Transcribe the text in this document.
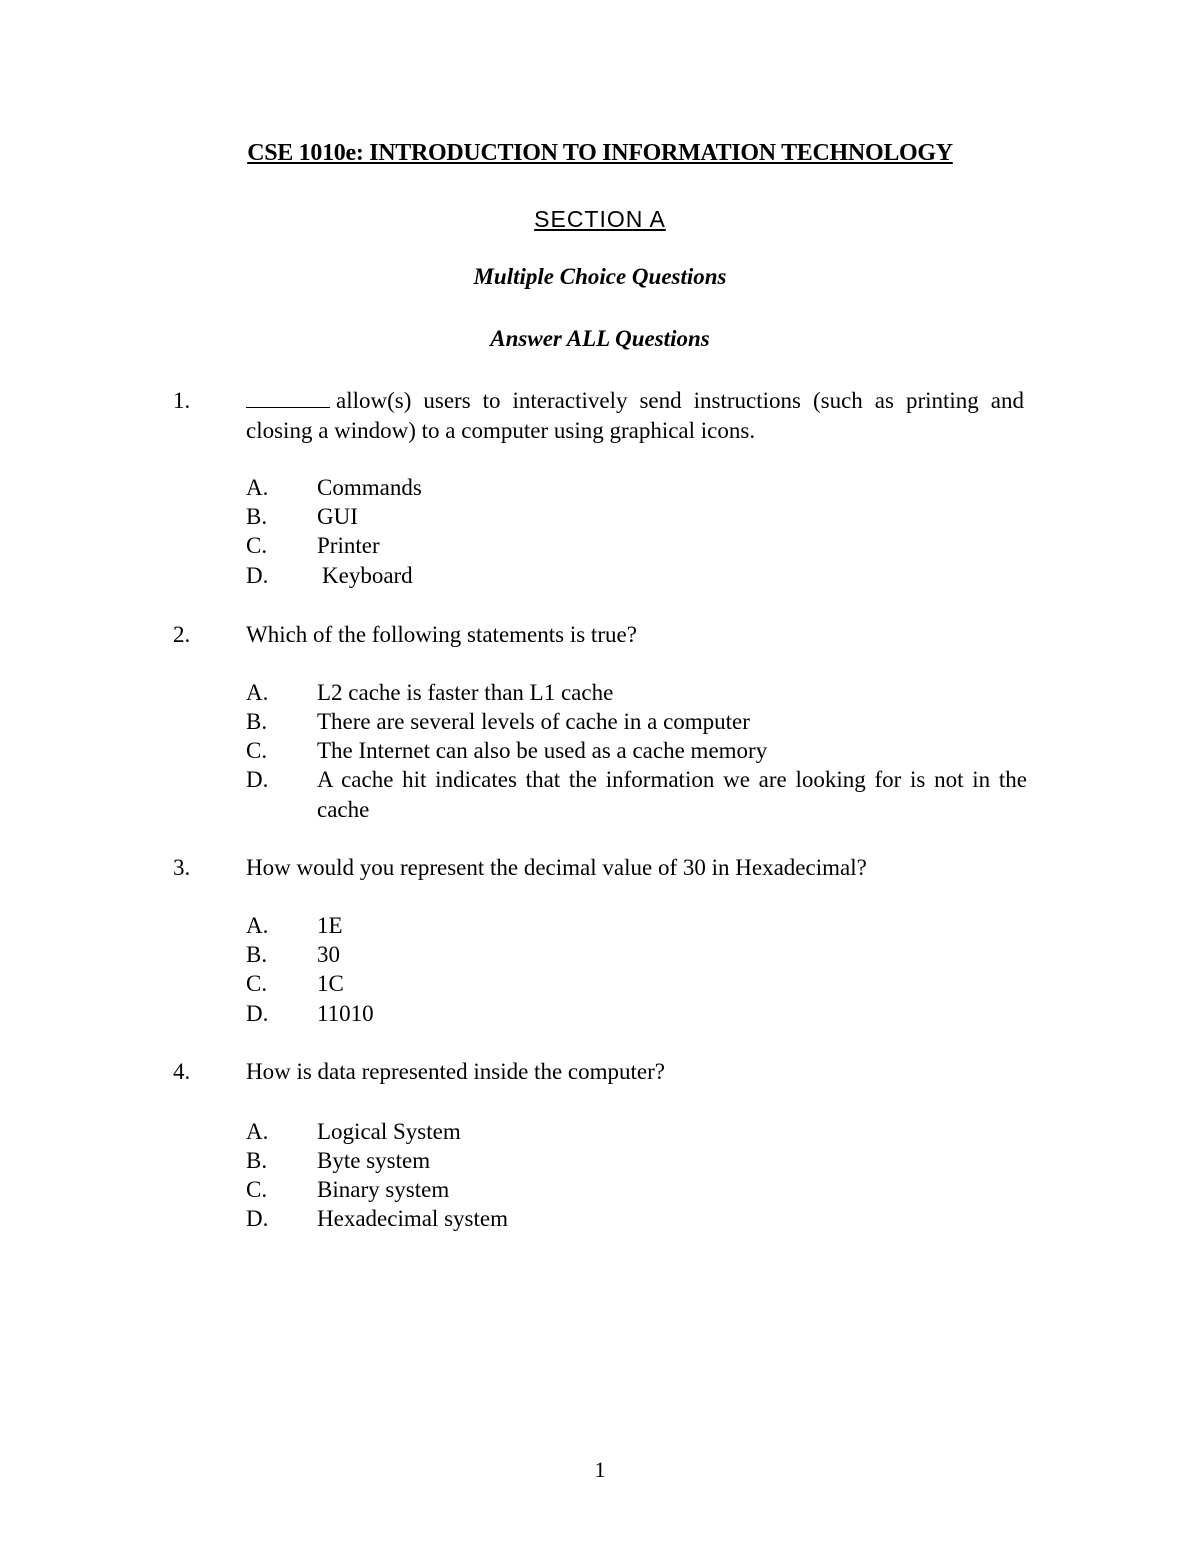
CSE 1010e: INTRODUCTION TO INFORMATION TECHNOLOGY
SECTION A
Multiple Choice Questions
Answer ALL Questions
1.	allow(s) users to interactively send instructions (such as printing and closing a window) to a computer using graphical icons.
A. Commands
B. GUI
C. Printer
D. Keyboard
2. Which of the following statements is true?
A. L2 cache is faster than L1 cache
B. There are several levels of cache in a computer
C. The Internet can also be used as a cache memory
D. A cache hit indicates that the information we are looking for is not in the cache
3. How would you represent the decimal value of 30 in Hexadecimal?
A. 1E
B. 30
C. 1C
D. 11010
4. How is data represented inside the computer?
A. Logical System
B. Byte system
C. Binary system
D. Hexadecimal system
1
